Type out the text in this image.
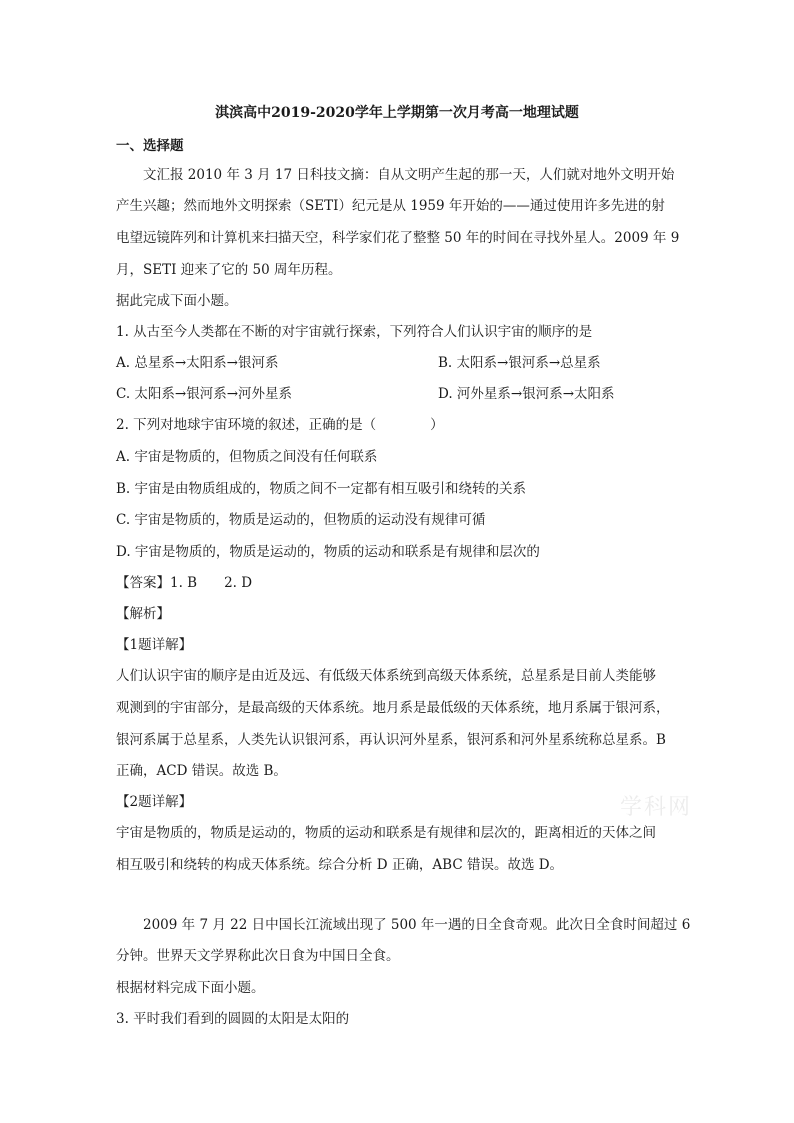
淇滨高中2019-2020学年上学期第一次月考高一地理试题
一、选择题
文汇报 2010 年 3 月 17 日科技文摘：自从文明产生起的那一天，人们就对地外文明开始
产生兴趣；然而地外文明探索（SETI）纪元是从 1959 年开始的——通过使用许多先进的射
电望远镜阵列和计算机来扫描天空，科学家们花了整整 50 年的时间在寻找外星人。2009 年 9
月，SETI 迎来了它的 50 周年历程。
据此完成下面小题。
1. 从古至今人类都在不断的对宇宙就行探索，下列符合人们认识宇宙的顺序的是
A. 总星系→太阳系→银河系	B. 太阳系→银河系→总星系
C. 太阳系→银河系→河外星系	D. 河外星系→银河系→太阳系
2. 下列对地球宇宙环境的叙述，正确的是（　　　　）
A. 宇宙是物质的，但物质之间没有任何联系
B. 宇宙是由物质组成的，物质之间不一定都有相互吸引和绕转的关系
C. 宇宙是物质的，物质是运动的，但物质的运动没有规律可循
D. 宇宙是物质的，物质是运动的，物质的运动和联系是有规律和层次的
【答案】1. B　　2. D
【解析】
【1题详解】
人们认识宇宙的顺序是由近及远、有低级天体系统到高级天体系统，总星系是目前人类能够
观测到的宇宙部分，是最高级的天体系统。地月系是最低级的天体系统，地月系属于银河系，
银河系属于总星系，人类先认识银河系，再认识河外星系，银河系和河外星系统称总星系。B
正确，ACD 错误。故选 B。
【2题详解】
宇宙是物质的，物质是运动的，物质的运动和联系是有规律和层次的，距离相近的天体之间
相互吸引和绕转的构成天体系统。综合分析 D 正确，ABC 错误。故选 D。
2009 年 7 月 22 日中国长江流域出现了 500 年一遇的日全食奇观。此次日全食时间超过 6
分钟。世界天文学界称此次日食为中国日全食。
根据材料完成下面小题。
3. 平时我们看到的圆圆的太阳是太阳的
学科网
